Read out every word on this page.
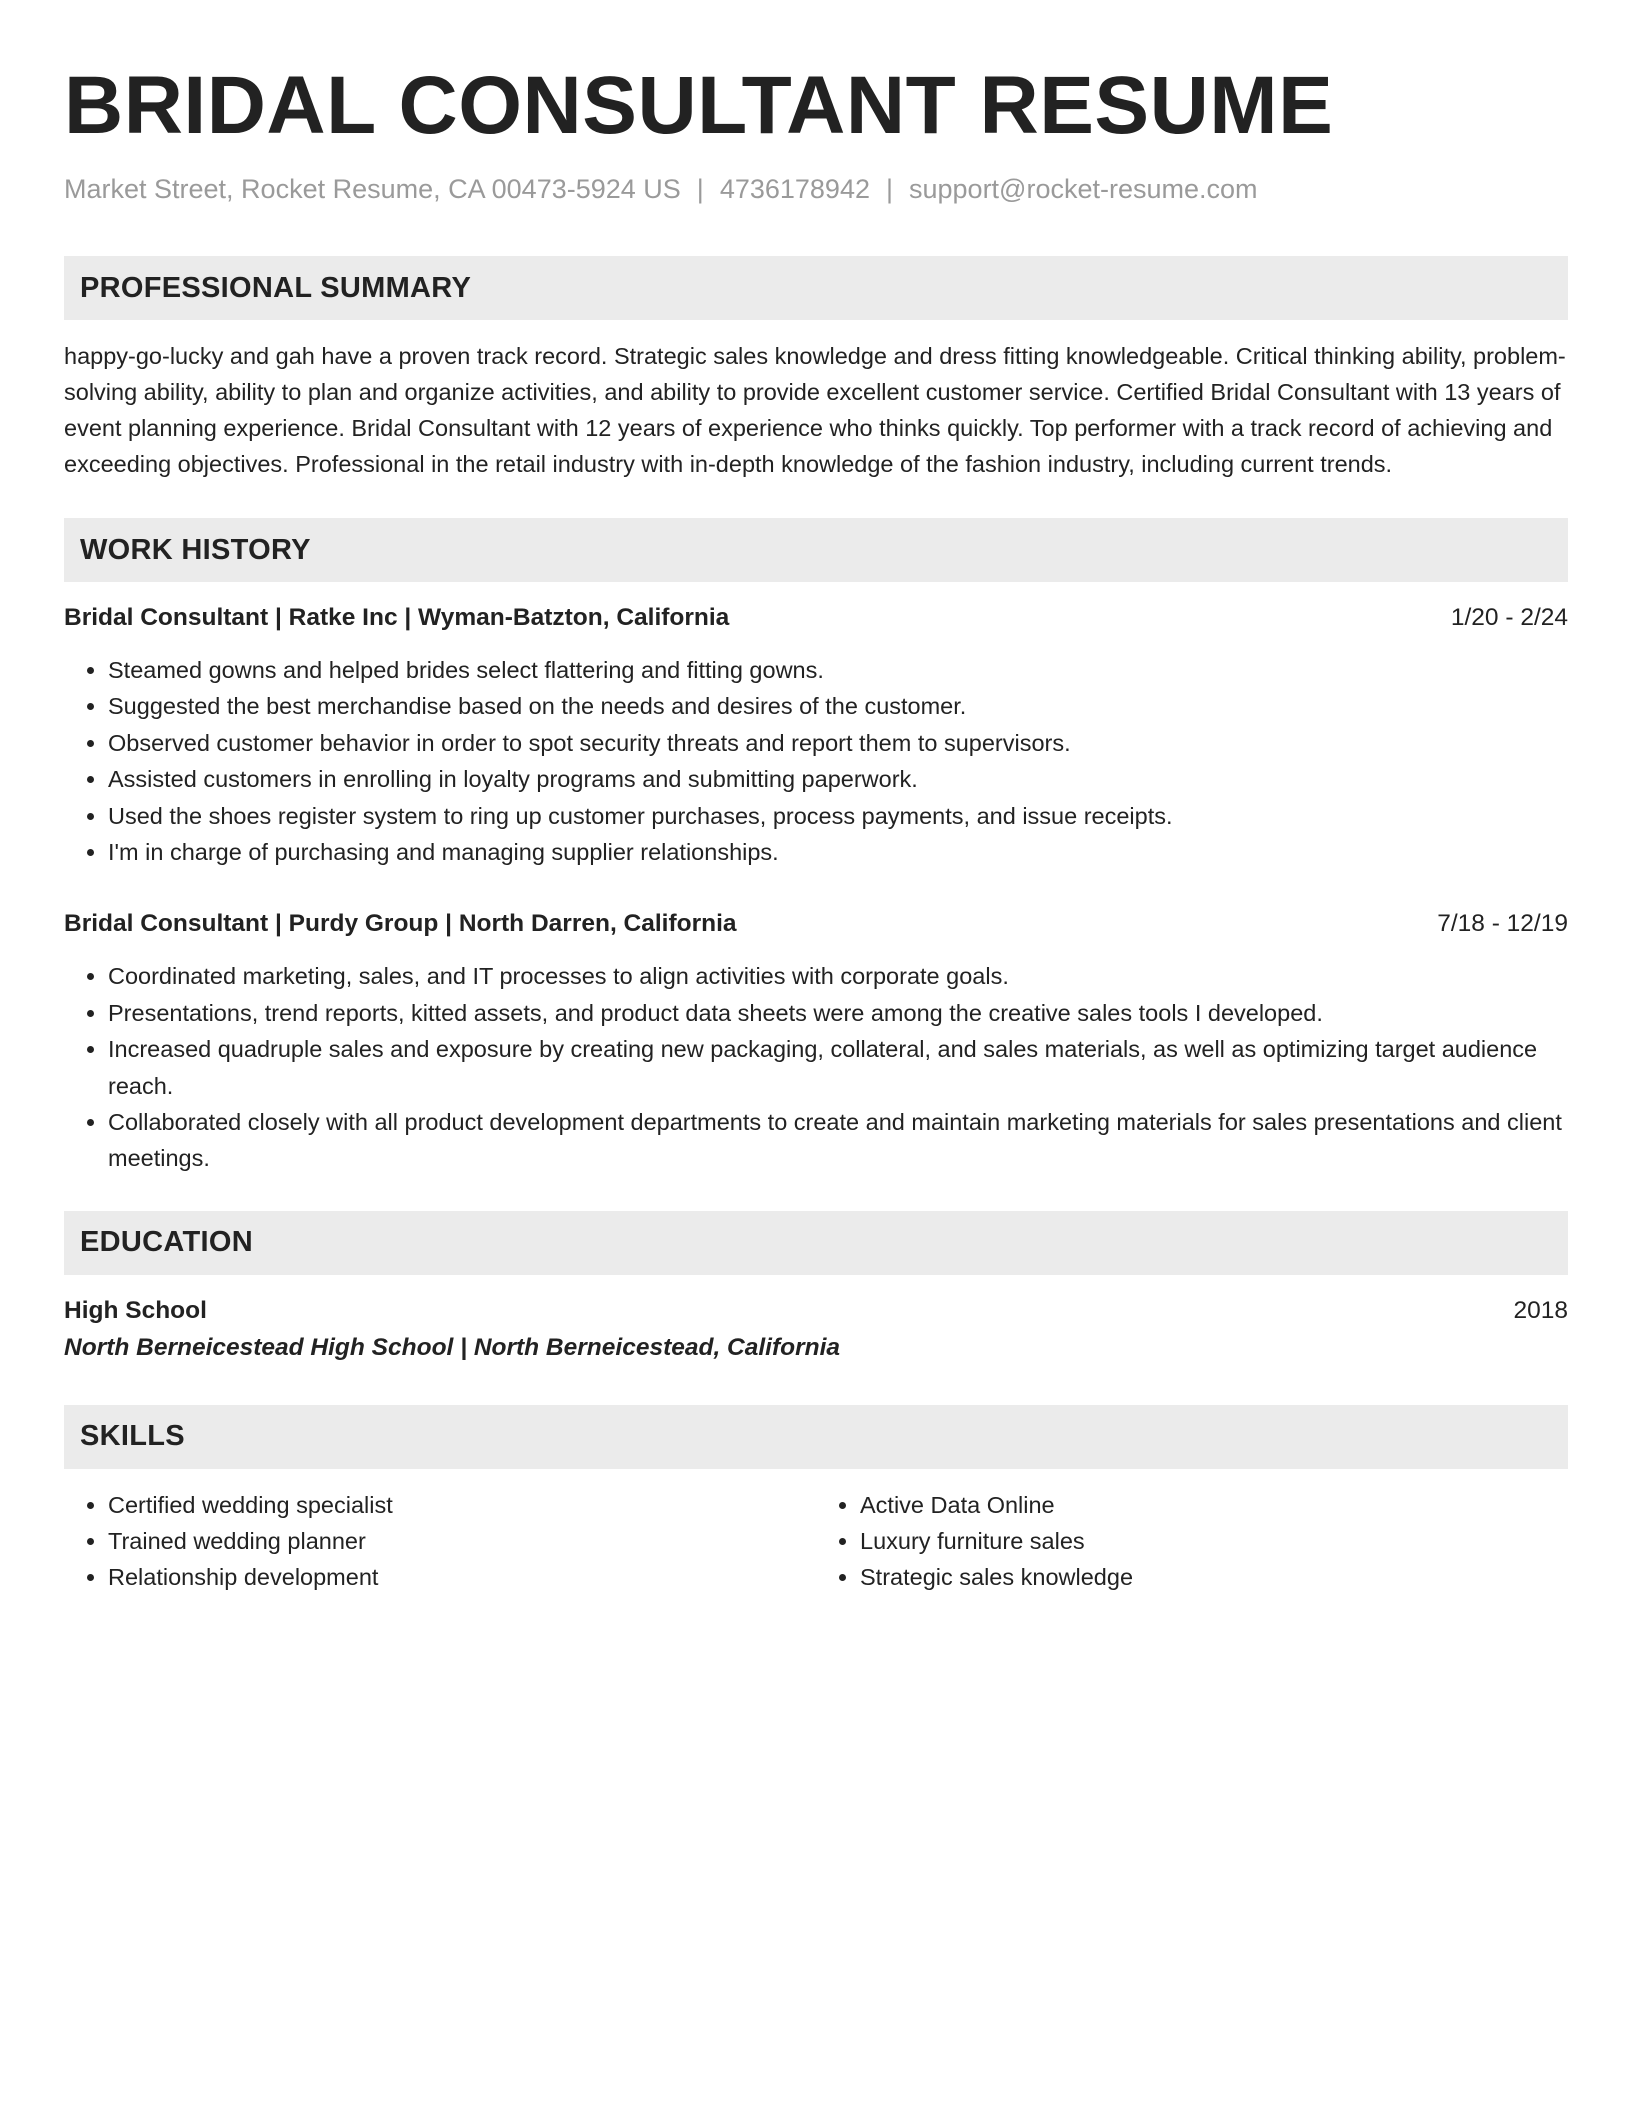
BRIDAL CONSULTANT RESUME
Market Street, Rocket Resume, CA 00473-5924 US | 4736178942 | support@rocket-resume.com
PROFESSIONAL SUMMARY

happy-go-lucky and gah have a proven track record. Strategic sales knowledge and dress fitting knowledgeable. Critical thinking ability, problem-solving ability, ability to plan and organize activities, and ability to provide excellent customer service. Certified Bridal Consultant with 13 years of event planning experience. Bridal Consultant with 12 years of experience who thinks quickly. Top performer with a track record of achieving and exceeding objectives. Professional in the retail industry with in-depth knowledge of the fashion industry, including current trends.

WORK HISTORY
Bridal Consultant | Ratke Inc | Wyman-Batzton, California	1/20 - 2/24
• Steamed gowns and helped brides select flattering and fitting gowns.
• Suggested the best merchandise based on the needs and desires of the customer.
• Observed customer behavior in order to spot security threats and report them to supervisors.
• Assisted customers in enrolling in loyalty programs and submitting paperwork.
• Used the shoes register system to ring up customer purchases, process payments, and issue receipts.
• I'm in charge of purchasing and managing supplier relationships.
Bridal Consultant | Purdy Group | North Darren, California	7/18 - 12/19
• Coordinated marketing, sales, and IT processes to align activities with corporate goals.
• Presentations, trend reports, kitted assets, and product data sheets were among the creative sales tools I developed.
• Increased quadruple sales and exposure by creating new packaging, collateral, and sales materials, as well as optimizing target audience reach.
• Collaborated closely with all product development departments to create and maintain marketing materials for sales presentations and client meetings.
EDUCATION
High School	2018
North Berneicestead High School | North Berneicestead, California
SKILLS
• Certified wedding specialist
• Trained wedding planner
• Relationship development
• Active Data Online
• Luxury furniture sales
• Strategic sales knowledge
